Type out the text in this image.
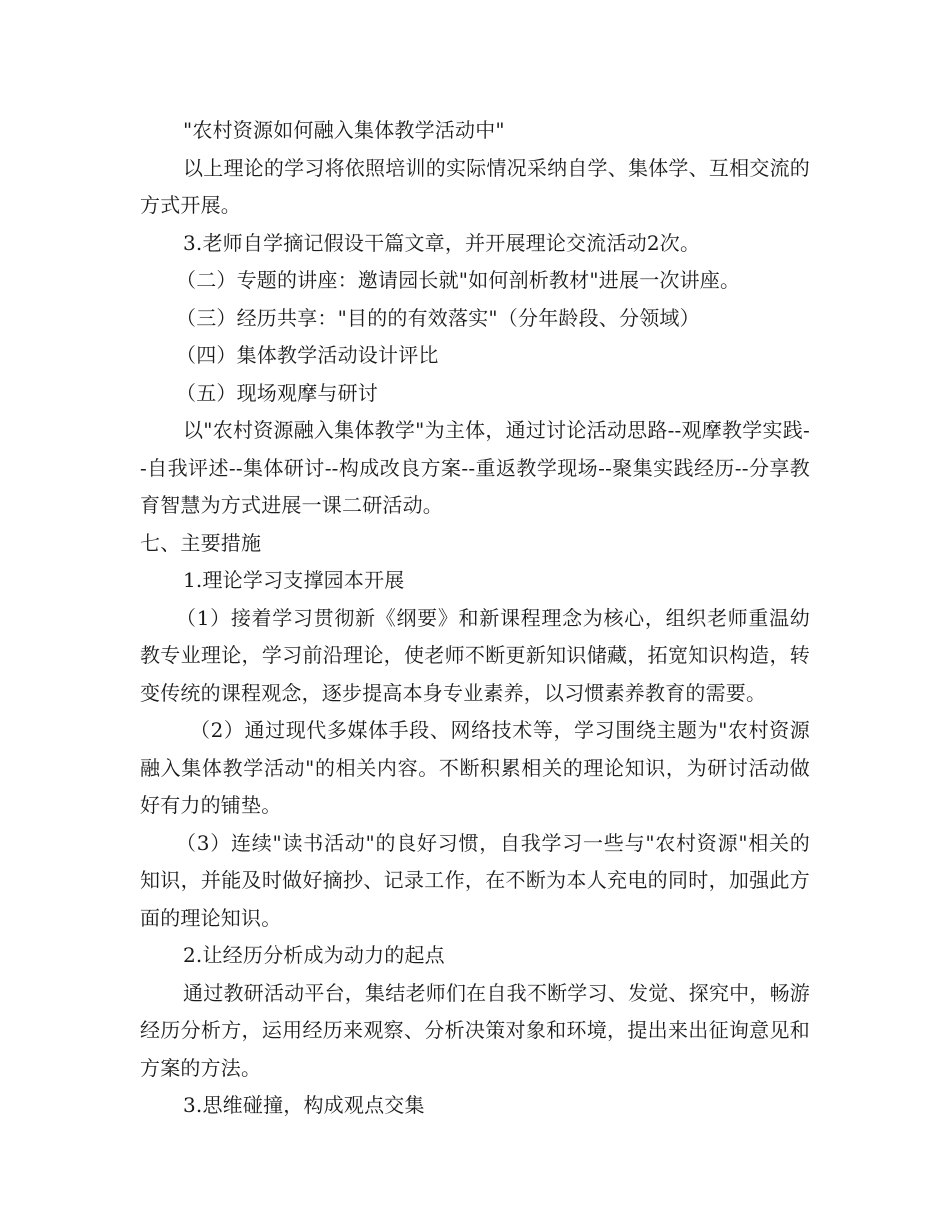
"农村资源如何融入集体教学活动中"

以上理论的学习将依照培训的实际情况采纳自学、集体学、互相交流的方式开展。

3.老师自学摘记假设干篇文章，并开展理论交流活动2次。

（二）专题的讲座：邀请园长就"如何剖析教材"进展一次讲座。

（三）经历共享："目的的有效落实"（分年龄段、分领域）

（四）集体教学活动设计评比

（五）现场观摩与研讨

以"农村资源融入集体教学"为主体，通过讨论活动思路--观摩教学实践--自我评述--集体研讨--构成改良方案--重返教学现场--聚集实践经历--分享教育智慧为方式进展一课二研活动。

七、主要措施

1.理论学习支撑园本开展

（1）接着学习贯彻新《纲要》和新课程理念为核心，组织老师重温幼教专业理论，学习前沿理论，使老师不断更新知识储藏，拓宽知识构造，转变传统的课程观念，逐步提高本身专业素养，以习惯素养教育的需要。

（2）通过现代多媒体手段、网络技术等，学习围绕主题为"农村资源融入集体教学活动"的相关内容。不断积累相关的理论知识，为研讨活动做好有力的铺垫。

（3）连续"读书活动"的良好习惯，自我学习一些与"农村资源"相关的知识，并能及时做好摘抄、记录工作，在不断为本人充电的同时，加强此方面的理论知识。

2.让经历分析成为动力的起点

通过教研活动平台，集结老师们在自我不断学习、发觉、探究中，畅游经历分析方，运用经历来观察、分析决策对象和环境，提出来出征询意见和方案的方法。

3.思维碰撞，构成观点交集
